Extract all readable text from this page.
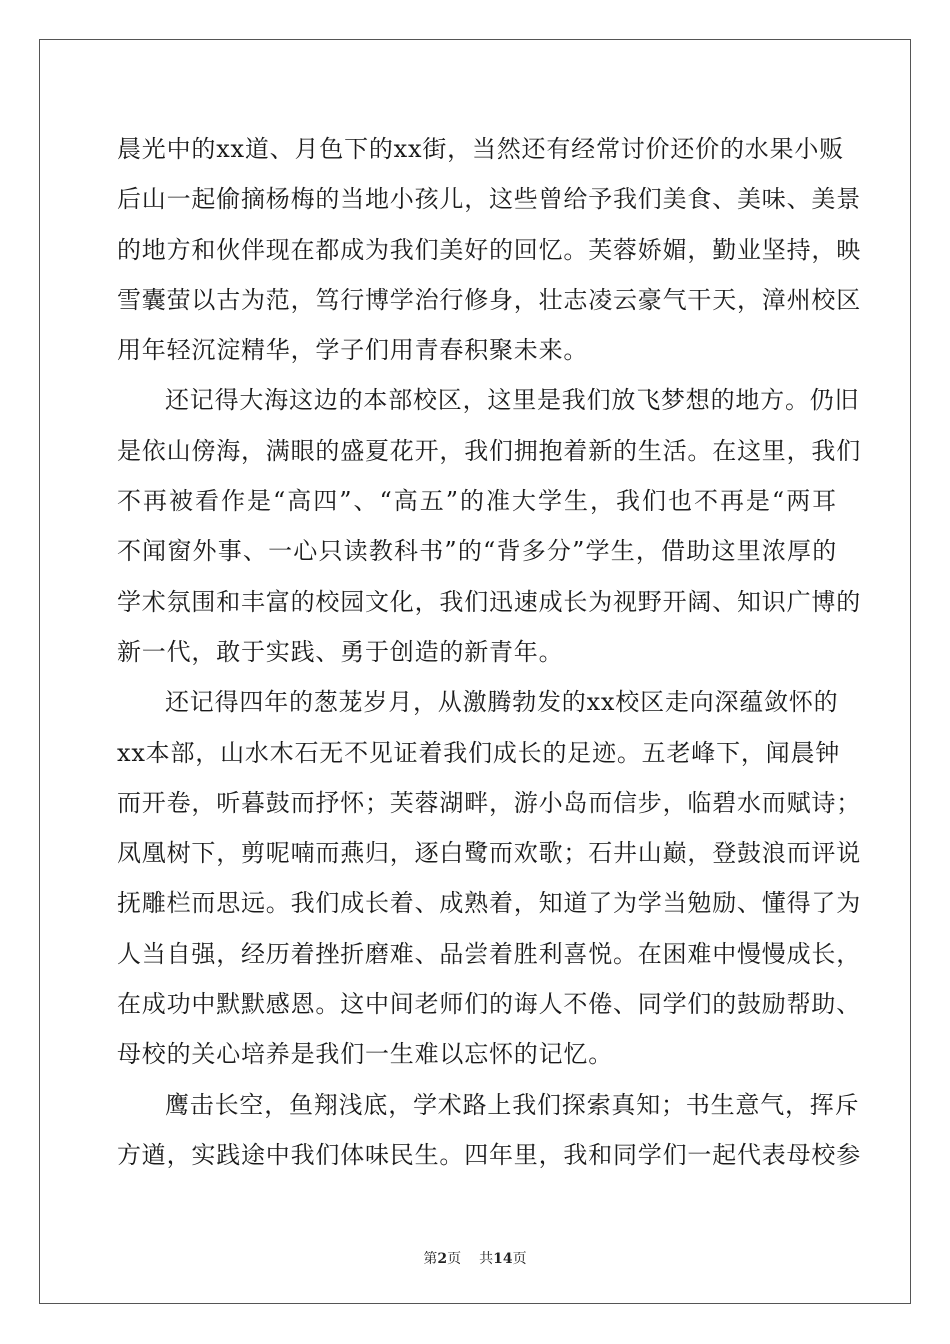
晨光中的xx道、月色下的xx街，当然还有经常讨价还价的水果小贩
后山一起偷摘杨梅的当地小孩儿，这些曾给予我们美食、美味、美景
的地方和伙伴现在都成为我们美好的回忆。芙蓉娇媚，勤业坚持，映
雪囊萤以古为范，笃行博学治行修身，壮志凌云豪气干天，漳州校区
用年轻沉淀精华，学子们用青春积聚未来。
还记得大海这边的本部校区，这里是我们放飞梦想的地方。仍旧
是依山傍海，满眼的盛夏花开，我们拥抱着新的生活。在这里，我们
不再被看作是“高四”、“高五”的准大学生，我们也不再是“两耳
不闻窗外事、一心只读教科书”的“背多分”学生，借助这里浓厚的
学术氛围和丰富的校园文化，我们迅速成长为视野开阔、知识广博的
新一代，敢于实践、勇于创造的新青年。
还记得四年的葱茏岁月，从激腾勃发的xx校区走向深蕴敛怀的
xx本部，山水木石无不见证着我们成长的足迹。五老峰下，闻晨钟
而开卷，听暮鼓而抒怀；芙蓉湖畔，游小岛而信步，临碧水而赋诗；
凤凰树下，剪呢喃而燕归，逐白鹭而欢歌；石井山巅，登鼓浪而评说
抚雕栏而思远。我们成长着、成熟着，知道了为学当勉励、懂得了为
人当自强，经历着挫折磨难、品尝着胜利喜悦。在困难中慢慢成长，
在成功中默默感恩。这中间老师们的诲人不倦、同学们的鼓励帮助、
母校的关心培养是我们一生难以忘怀的记忆。
鹰击长空，鱼翔浅底，学术路上我们探索真知；书生意气，挥斥
方遒，实践途中我们体味民生。四年里，我和同学们一起代表母校参
第2页 共14页
